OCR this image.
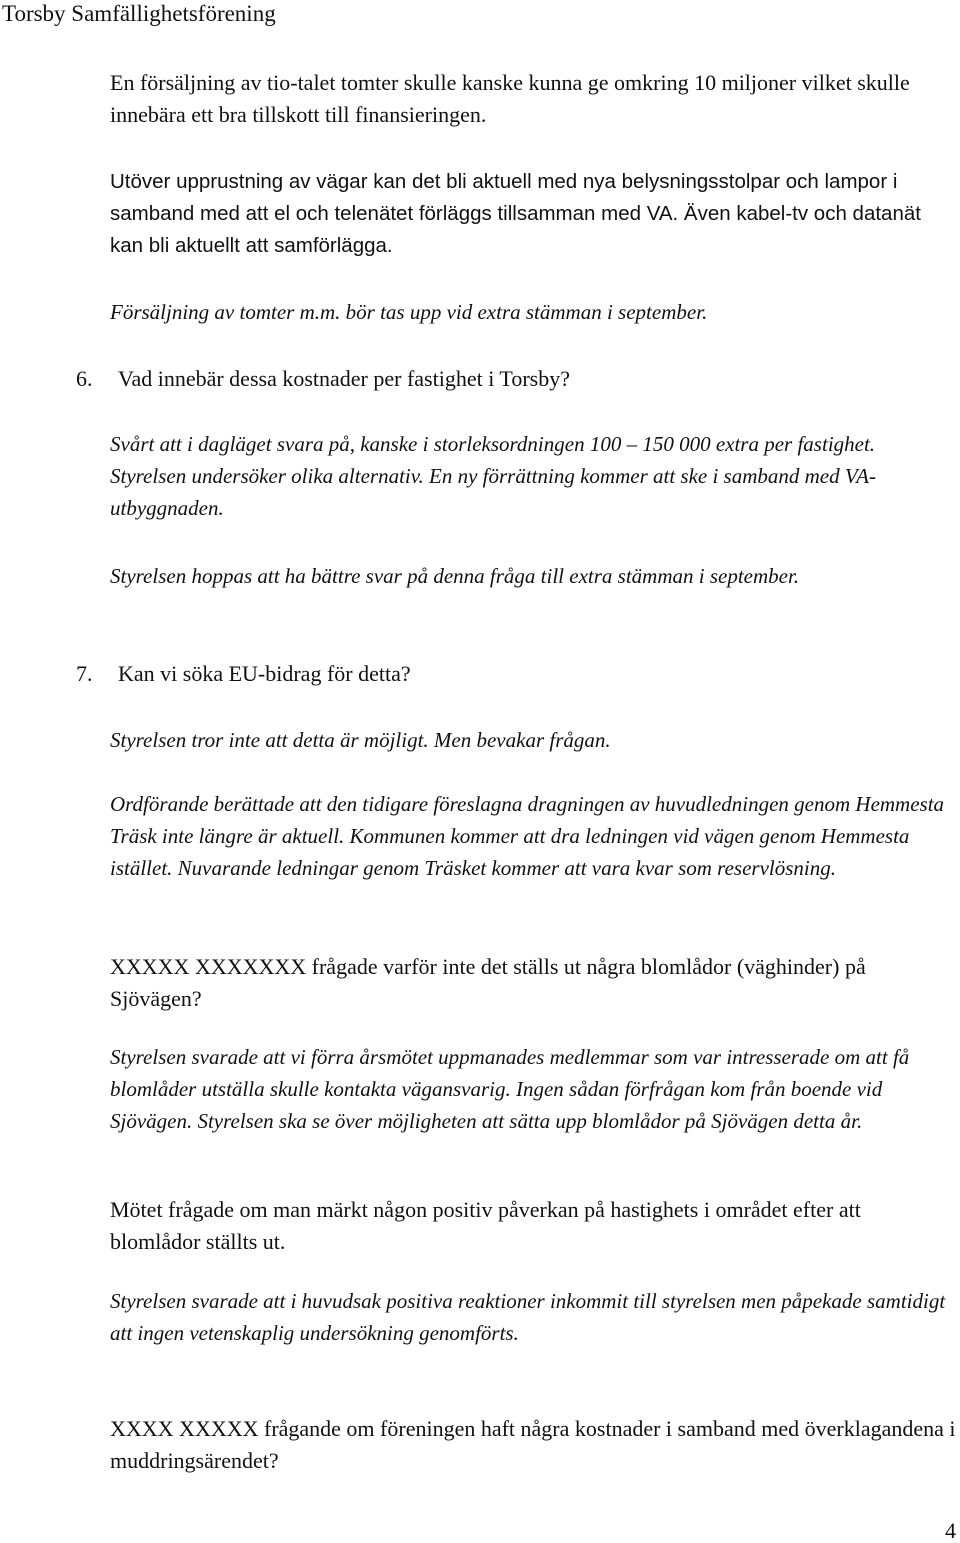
Torsby Samfällighetsförening

En försäljning av tio-talet tomter skulle kanske kunna ge omkring 10 miljoner vilket skulle innebära ett bra tillskott till finansieringen.

Utöver upprustning av vägar kan det bli aktuell med nya belysningsstolpar och lampor i samband med att el och telenätet förläggs tillsamman med VA. Även kabel-tv och datanät kan bli aktuellt att samförlägga.

Försäljning av tomter m.m. bör tas upp vid extra stämman i september.

6. Vad innebär dessa kostnader per fastighet i Torsby?

Svårt att i dagläget svara på, kanske i storleksordningen 100 – 150 000 extra per fastighet. Styrelsen undersöker olika alternativ. En ny förrättning kommer att ske i samband med VA-utbyggnaden.

Styrelsen hoppas att ha bättre svar på denna fråga till extra stämman i september.

7. Kan vi söka EU-bidrag för detta?

Styrelsen tror inte att detta är möjligt. Men bevakar frågan.

Ordförande berättade att den tidigare föreslagna dragningen av huvudledningen genom Hemmesta Träsk inte längre är aktuell. Kommunen kommer att dra ledningen vid vägen genom Hemmesta istället. Nuvarande ledningar genom Träsket kommer att vara kvar som reservlösning.

XXXXX XXXXXXX frågade varför inte det ställs ut några blomlådor (väghinder) på Sjövägen?

Styrelsen svarade att vi förra årsmötet uppmanades medlemmar som var intresserade om att få blomlåder utställa skulle kontakta vägansvarig. Ingen sådan förfrågan kom från boende vid Sjövägen. Styrelsen ska se över möjligheten att sätta upp blomlådor på Sjövägen detta år.

Mötet frågade om man märkt någon positiv påverkan på hastighets i området efter att blomlådor ställts ut.

Styrelsen svarade att i huvudsak positiva reaktioner inkommit till styrelsen men påpekade samtidigt att ingen vetenskaplig undersökning genomförts.

XXXX XXXXX frågande om föreningen haft några kostnader i samband med överklagandena i muddringsärendet?

4
